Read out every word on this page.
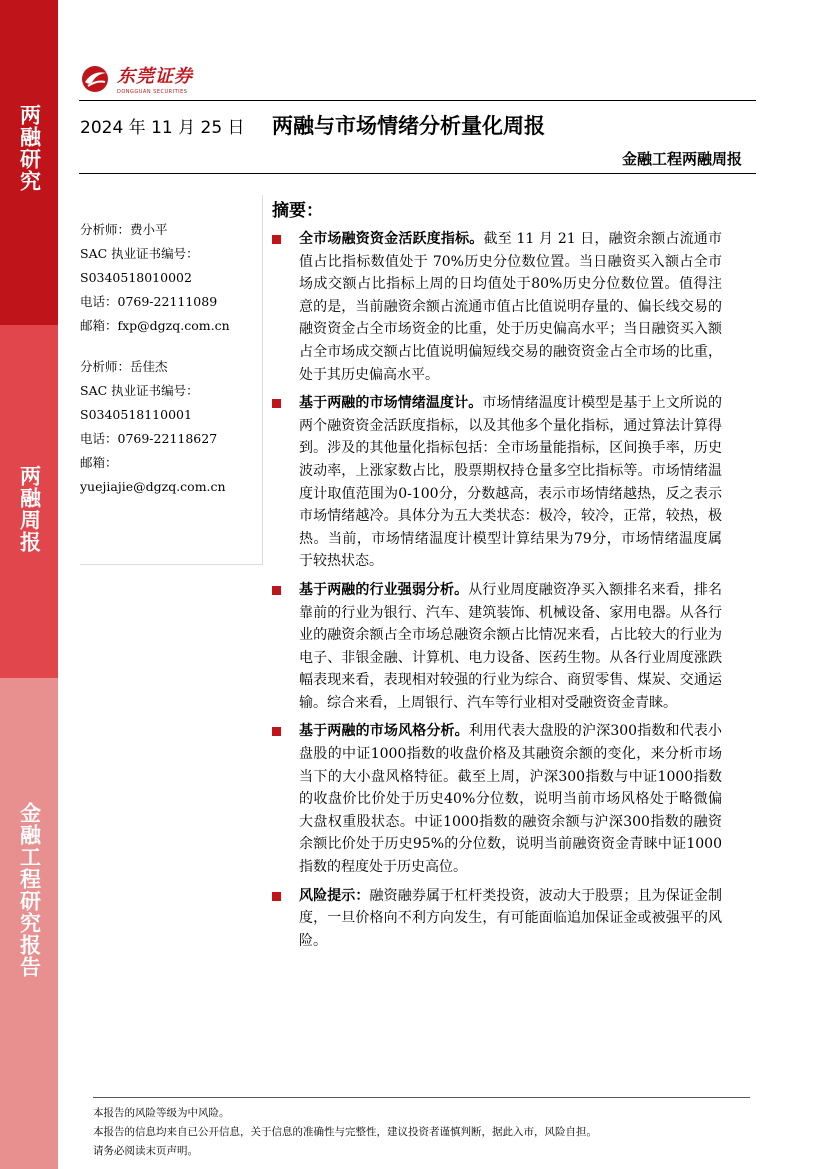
两融研究
两融周报
金融工程研究报告
东莞证券
DONGGUAN SECURITIES
2024 年 11 月 25 日 两融与市场情绪分析量化周报
金融工程两融周报
分析师：费小平
SAC 执业证书编号：
S0340518010002
电话：0769-22111089
邮箱：fxp@dgzq.com.cn
分析师：岳佳杰
SAC 执业证书编号：
S0340518110001
电话：0769-22118627
邮箱：
yuejiajie@dgzq.com.cn
摘要：
全市场融资资金活跃度指标。截至 11 月 21 日，融资余额占流通市值占比指标数值处于 70%历史分位数位置。当日融资买入额占全市场成交额占比指标上周的日均值处于80%历史分位数位置。值得注意的是，当前融资余额占流通市值占比值说明存量的、偏长线交易的融资资金占全市场资金的比重，处于历史偏高水平；当日融资买入额占全市场成交额占比值说明偏短线交易的融资资金占全市场的比重，处于其历史偏高水平。
基于两融的市场情绪温度计。市场情绪温度计模型是基于上文所说的两个融资资金活跃度指标，以及其他多个量化指标，通过算法计算得到。涉及的其他量化指标包括：全市场量能指标，区间换手率，历史波动率，上涨家数占比，股票期权持仓量多空比指标等。市场情绪温度计取值范围为0-100分，分数越高，表示市场情绪越热，反之表示市场情绪越冷。具体分为五大类状态：极冷，较冷，正常，较热，极热。当前，市场情绪温度计模型计算结果为79分，市场情绪温度属于较热状态。
基于两融的行业强弱分析。从行业周度融资净买入额排名来看，排名靠前的行业为银行、汽车、建筑装饰、机械设备、家用电器。从各行业的融资余额占全市场总融资余额占比情况来看，占比较大的行业为电子、非银金融、计算机、电力设备、医药生物。从各行业周度涨跌幅表现来看，表现相对较强的行业为综合、商贸零售、煤炭、交通运输。综合来看，上周银行、汽车等行业相对受融资资金青睐。
基于两融的市场风格分析。利用代表大盘股的沪深300指数和代表小盘股的中证1000指数的收盘价格及其融资余额的变化，来分析市场当下的大小盘风格特征。截至上周，沪深300指数与中证1000指数的收盘价比价处于历史40%分位数，说明当前市场风格处于略微偏大盘权重股状态。中证1000指数的融资余额与沪深300指数的融资余额比价处于历史95%的分位数，说明当前融资资金青睐中证1000指数的程度处于历史高位。
风险提示：融资融券属于杠杆类投资，波动大于股票；且为保证金制度，一旦价格向不利方向发生，有可能面临追加保证金或被强平的风险。
本报告的风险等级为中风险。
本报告的信息均来自已公开信息，关于信息的准确性与完整性，建议投资者谨慎判断，据此入市，风险自担。
请务必阅读末页声明。
